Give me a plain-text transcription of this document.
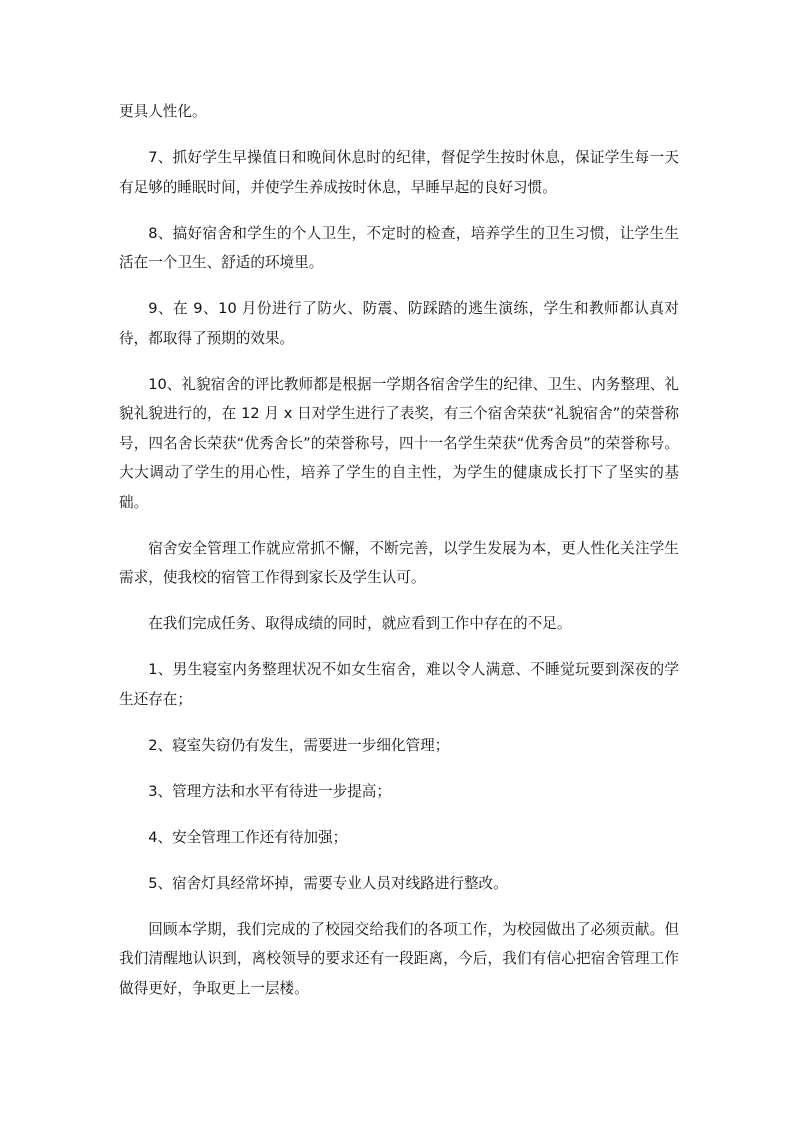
更具人性化。

7、抓好学生早操值日和晚间休息时的纪律，督促学生按时休息，保证学生每一天有足够的睡眠时间，并使学生养成按时休息，早睡早起的良好习惯。

8、搞好宿舍和学生的个人卫生，不定时的检查，培养学生的卫生习惯，让学生生活在一个卫生、舒适的环境里。

9、在 9、10 月份进行了防火、防震、防踩踏的逃生演练，学生和教师都认真对待，都取得了预期的效果。

10、礼貌宿舍的评比教师都是根据一学期各宿舍学生的纪律、卫生、内务整理、礼貌礼貌进行的，在 12 月 x 日对学生进行了表奖，有三个宿舍荣获“礼貌宿舍”的荣誉称号，四名舍长荣获“优秀舍长”的荣誉称号，四十一名学生荣获“优秀舍员”的荣誉称号。大大调动了学生的用心性，培养了学生的自主性，为学生的健康成长打下了坚实的基础。

宿舍安全管理工作就应常抓不懈，不断完善，以学生发展为本，更人性化关注学生需求，使我校的宿管工作得到家长及学生认可。

在我们完成任务、取得成绩的同时，就应看到工作中存在的不足。

1、男生寝室内务整理状况不如女生宿舍，难以令人满意、不睡觉玩要到深夜的学生还存在；

2、寝室失窃仍有发生，需要进一步细化管理；

3、管理方法和水平有待进一步提高；

4、安全管理工作还有待加强；

5、宿舍灯具经常坏掉，需要专业人员对线路进行整改。

回顾本学期，我们完成的了校园交给我们的各项工作，为校园做出了必须贡献。但我们清醒地认识到，离校领导的要求还有一段距离，今后，我们有信心把宿舍管理工作做得更好，争取更上一层楼。
